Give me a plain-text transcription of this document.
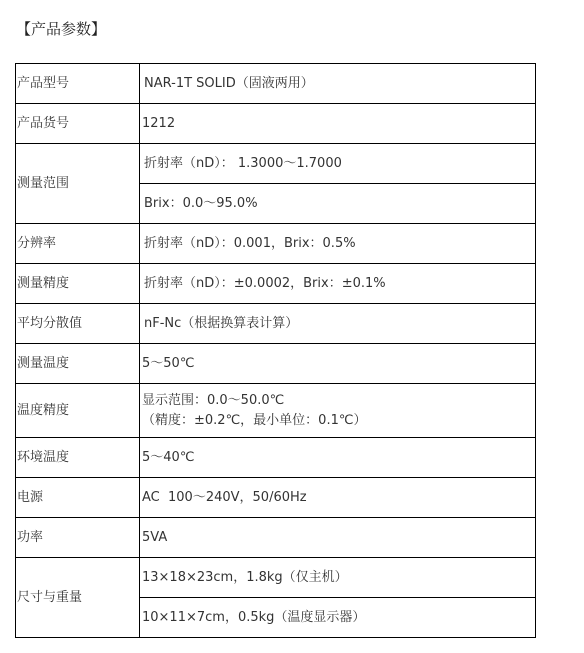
【产品参数】
产品型号	NAR-1T SOLID（固液两用）
产品货号	1212
测量范围	折射率（nD）： 1.3000～1.7000
	Brix：0.0～95.0%
分辨率	折射率（nD）：0.001，Brix：0.5%
测量精度	折射率（nD）：±0.0002，Brix：±0.1%
平均分散值	nF-Nc（根据换算表计算）
测量温度	5～50℃
温度精度	显示范围：0.0～50.0℃
（精度：±0.2℃，最小单位：0.1℃）

环境温度	5～40℃
电源	AC  100～240V，50/60Hz
功率	5VA
尺寸与重量	13×18×23cm，1.8kg（仅主机）
	10×11×7cm，0.5kg（温度显示器）
